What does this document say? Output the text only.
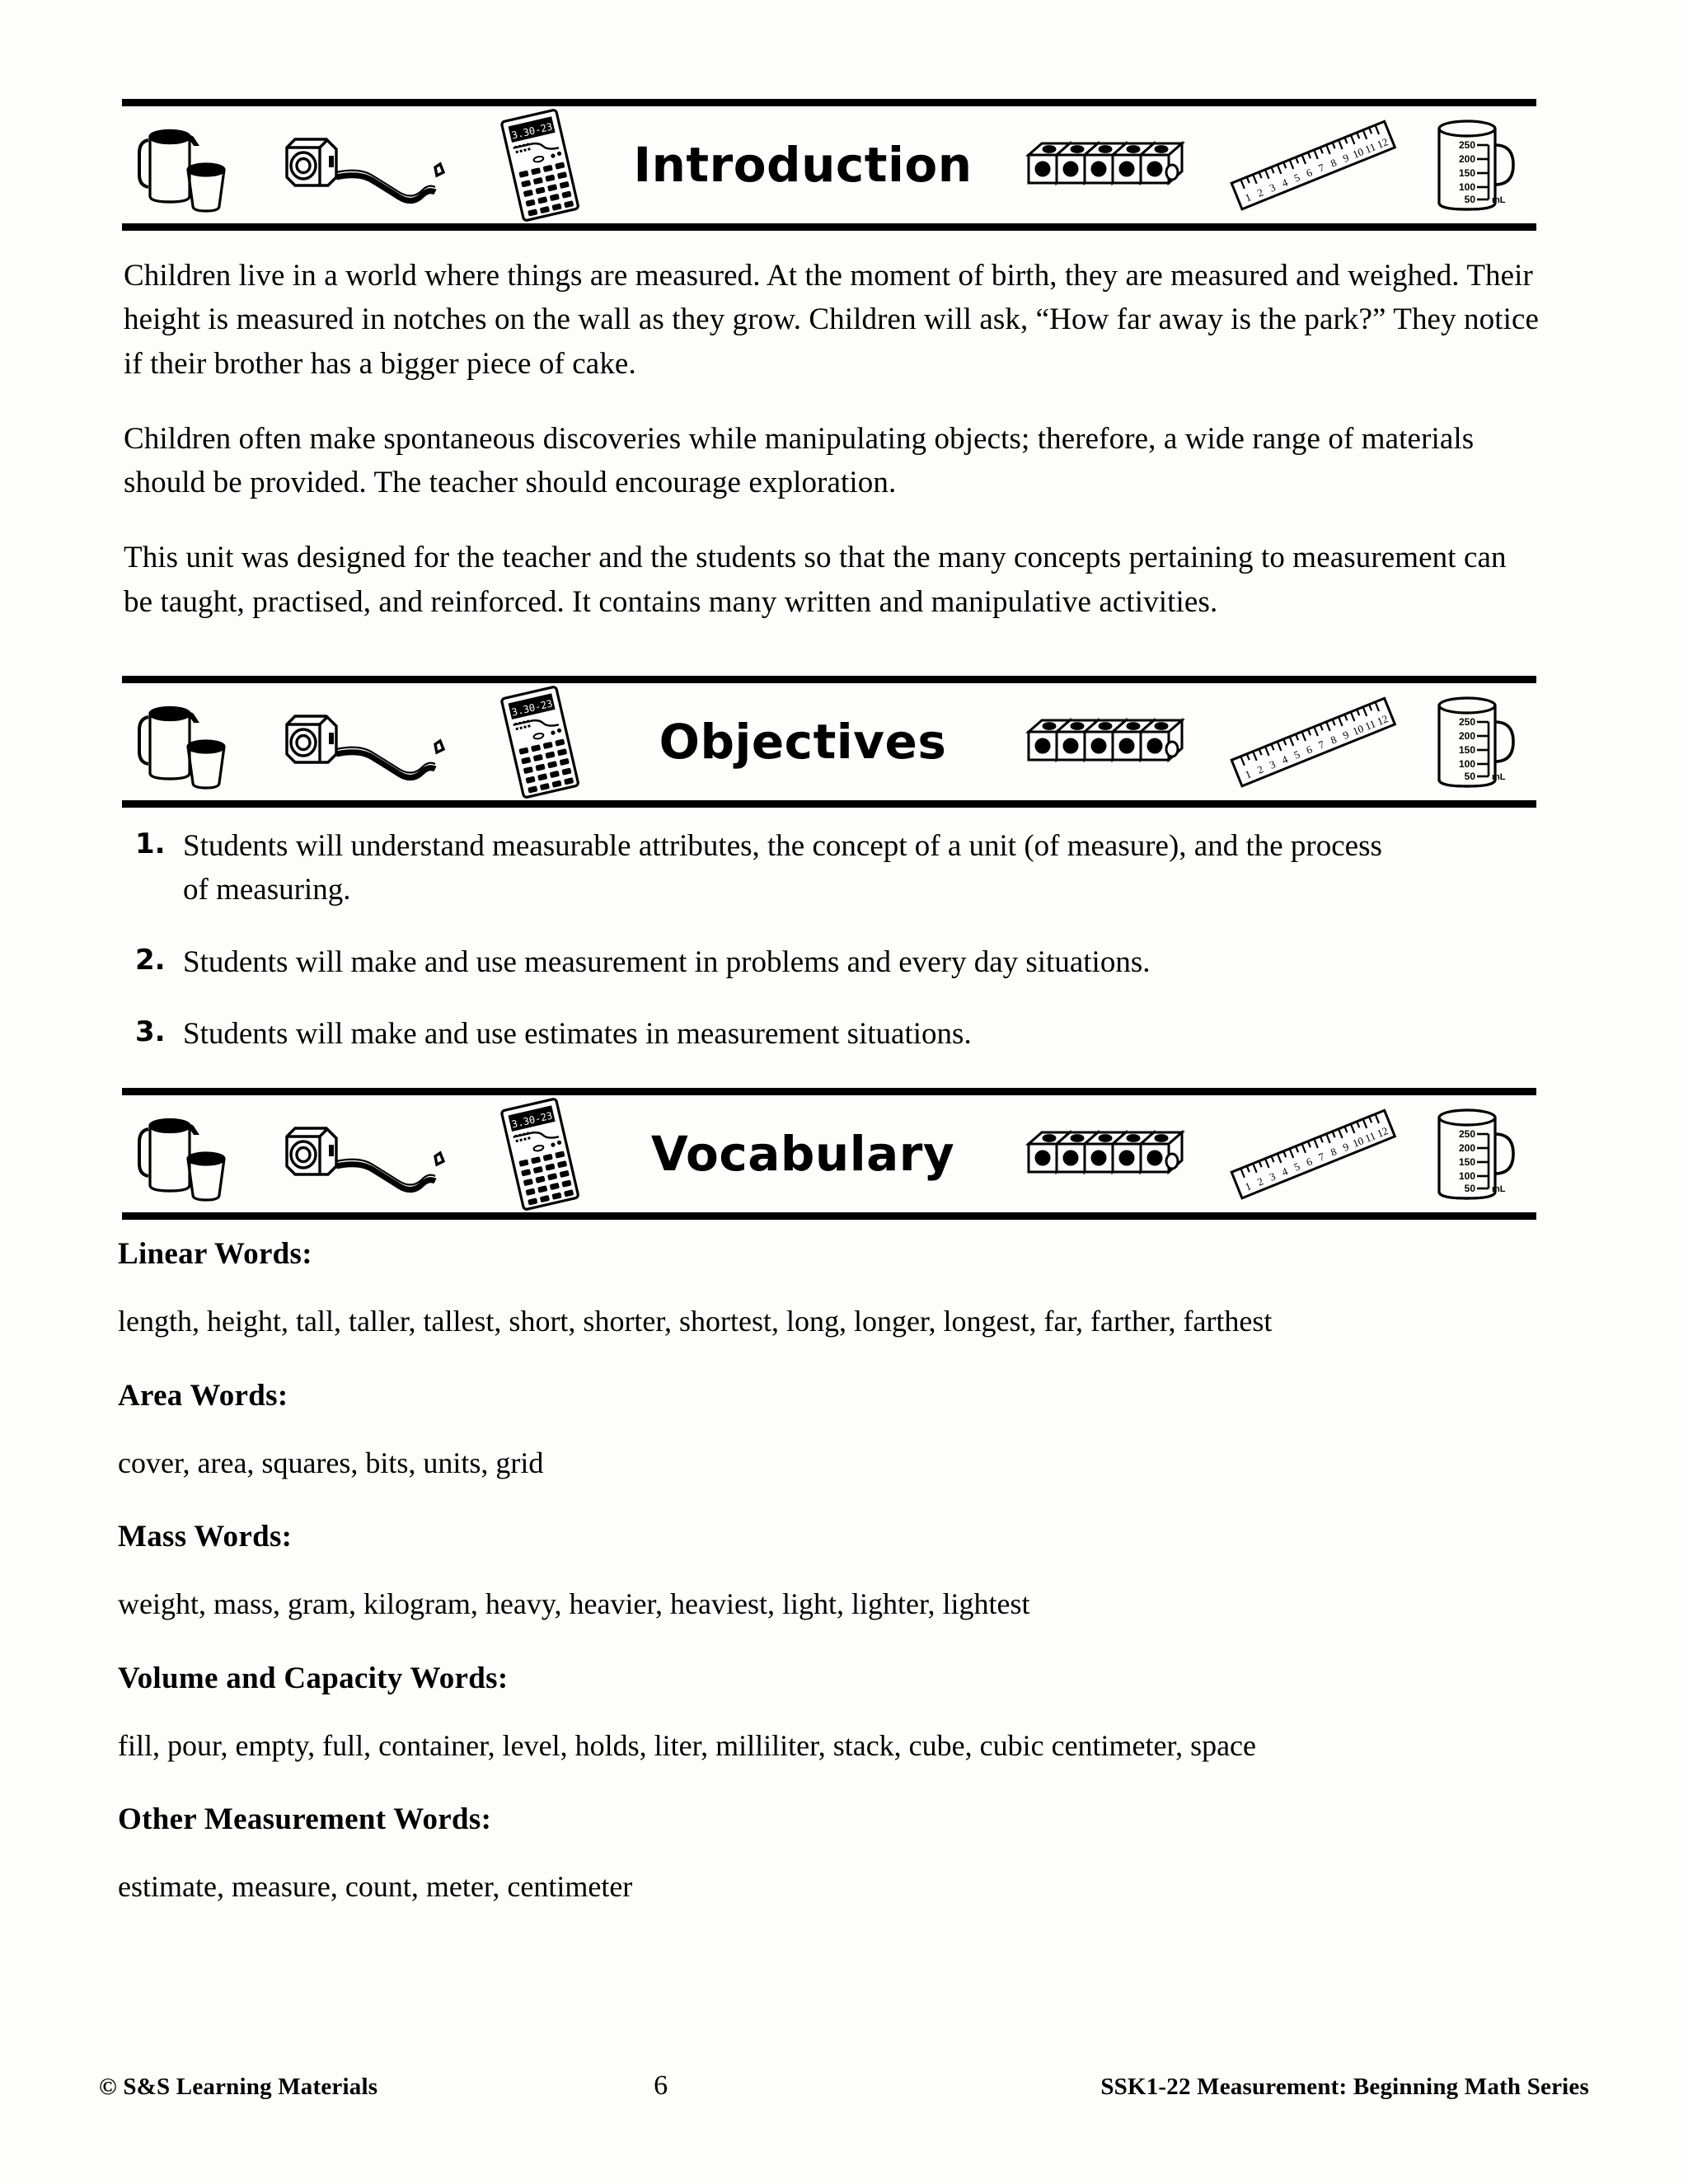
3.30-23
Introduction
1 2 3 4 5 6 7 8 9 10
11
12	250
200
150
100
50 mL

Children live in a world where things are measured. At the moment of birth, they are measured and weighed. Their height is measured in notches on the wall as they grow. Children will ask, “How far away is the park?” They notice if their brother has a bigger piece of cake.

Children often make spontaneous discoveries while manipulating objects; therefore, a wide range of materials should be provided. The teacher should encourage exploration.

This unit was designed for the teacher and the students so that the many concepts pertaining to measurement can be taught, practised, and reinforced. It contains many written and manipulative activities.

3.30-23
Objectives
1 2 3 4 5 6 7 8 9 10
11
12	250
200
150
100
50 mL
1. Students will understand measurable attributes, the concept of a unit (of measure), and the process of measuring.
2. Students will make and use measurement in problems and every day situations.
3. Students will make and use estimates in measurement situations.
3.30-23
Vocabulary
1 2 3 4 5 6 7 8 9 10
11
12	250
200
150
100
50 mL

Linear Words:

length, height, tall, taller, tallest, short, shorter, shortest, long, longer, longest, far, farther, farthest

Area Words:

cover, area, squares, bits, units, grid

Mass Words:

weight, mass, gram, kilogram, heavy, heavier, heaviest, light, lighter, lightest

Volume and Capacity Words:

fill, pour, empty, full, container, level, holds, liter, milliliter, stack, cube, cubic centimeter, space

Other Measurement Words:

estimate, measure, count, meter, centimeter

© S&S Learning Materials	6	SSK1-22 Measurement: Beginning Math Series
